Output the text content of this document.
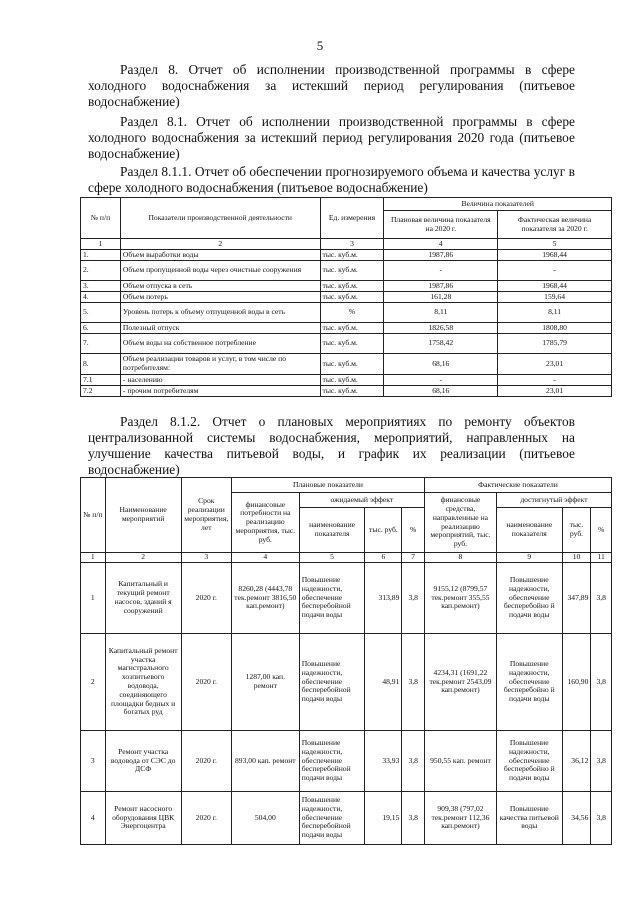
5

Раздел 8. Отчет об исполнении производственной программы в сфере холодного водоснабжения за истекший период регулирования (питьевое водоснабжение)

Раздел 8.1. Отчет об исполнении производственной программы в сфере холодного водоснабжения за истекший период регулирования 2020 года (питьевое водоснабжение)

Раздел 8.1.1. Отчет об обеспечении прогнозируемого объема и качества услуг в сфере холодного водоснабжения (питьевое водоснабжение)

№ п/п	Показатели производственной деятельности	Ед. измерения	Величина показателей	
			Плановая величина показателя на 2020 г.	Фактическая величина показателя за 2020 г.
1	2	3	4	5
1.	Объем выработки воды	тыс. куб.м.	1987,86	1968,44
2.	Объем пропущенной воды через очистные сооружения	тыс. куб.м.	-	-
3.	Объем отпуска в сеть	тыс. куб.м.	1987,86	1968,44
4.	Объем потерь	тыс. куб.м.	161,28	159,64
5.	Уровень потерь к объему отпущенной воды в сеть	%	8,11	8,11
6.	Полезный отпуск	тыс. куб.м.	1826,58	1808,80
7.	Объем воды на собственное потребление	тыс. куб.м.	1758,42	1785,79
8.	Объем реализации товаров и услуг, в том числе по потребителям:	тыс. куб.м.	68,16	23,01
7.1	- населению	тыс. куб.м.	-	-
7.2	- прочим потребителям	тыс. куб.м.	68,16	23,01

Раздел 8.1.2. Отчет о плановых мероприятиях по ремонту объектов централизованной системы водоснабжения, мероприятий, направленных на улучшение качества питьевой воды, и график их реализации (питьевое водоснабжение)

№ п/п	Наименование мероприятий	Срок реализации мероприятия, лет	Плановые показатели				Фактические показатели			
			финансовые потребности на реализацию мероприятия, тыс. руб.	ожидаемый эффект			финансовые средства, направленные на реализацию мероприятий, тыс. руб.	достигнутый эффект		
				наименование показателя	тыс. руб.	%		наименование показателя	тыс. руб.	%
1	2	3	4	5	6	7	8	9	10	11
1	Капитальный и текущий ремонт насосов, зданий я сооружений	2020 г.	8260,28 (4443,78 тек.ремонт 3816,50 кап.ремонт)	Повышение надежности, обеспечение бесперебойной подачи воды	313,89	3,8	9155,12 (8799,57 тек.ремонт 355,55 кап.ремонт)	Повышение надежности, обеспечение бесперебойно й подачи воды	347,89	3,8
2	Капитальный ремонт участка магистрального хозпитьевого водовода, соединяющего площадки бедных и богатых руд	2020 г.	1287,00 кап. ремонт	Повышение надежности, обеспечение бесперебойной подачи воды	48,91	3,8	4234,31 (1691,22 тек.ремонт 2543,09 кап.ремонт)	Повышение надежности, обеспечение бесперебойно й подачи воды	160,90	3,8
3	Ремонт участка водовода от СЭС до ДСФ	2020 г.	893,00 кап. ремонт	Повышение надежности, обеспечение бесперебойной подачи воды	33,93	3,8	950,55 кап. ремонт	Повышение надежности, обеспечение бесперебойно й подачи воды	36,12	3,8
4	Ремонт насосного оборудования ЦВК Энергоцентра	2020 г.	504,00	Повышение надежности, обеспечение бесперебойной подачи воды	19,15	3,8	909,38 (797,02 тек.ремонт 112,36 кап.ремонт)	Повышение качества питьевой воды	34,56	3,8
